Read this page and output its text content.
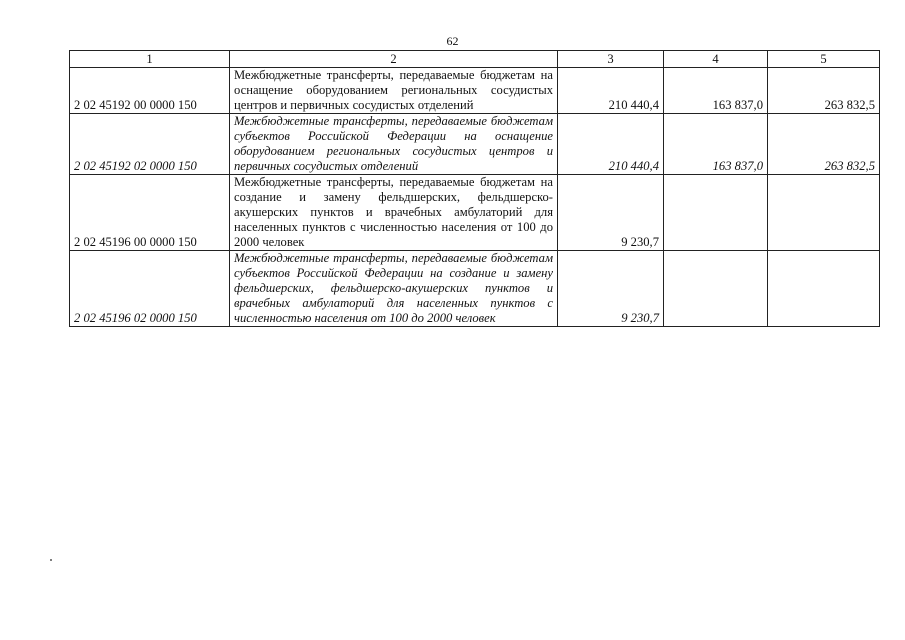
62
1	2	3	4	5
2 02 45192 00 0000 150	Межбюджетные трансферты, передаваемые бюджетам на оснащение оборудованием региональных сосудистых центров и первичных сосудистых отделений	210 440,4	163 837,0	263 832,5
2 02 45192 02 0000 150	Межбюджетные трансферты, передаваемые бюджетам субъектов Российской Федерации на оснащение оборудованием региональных сосудистых центров и первичных сосудистых отделений	210 440,4	163 837,0	263 832,5
2 02 45196 00 0000 150	Межбюджетные трансферты, передаваемые бюджетам на создание и замену фельдшерских, фельдшерско-акушерских пунктов и врачебных амбулаторий для населенных пунктов с численностью населения от 100 до 2000 человек	9 230,7		
2 02 45196 02 0000 150	Межбюджетные трансферты, передаваемые бюджетам субъектов Российской Федерации на создание и замену фельдшерских, фельдшерско-акушерских пунктов и врачебных амбулаторий для населенных пунктов с численностью населения от 100 до 2000 человек	9 230,7		
